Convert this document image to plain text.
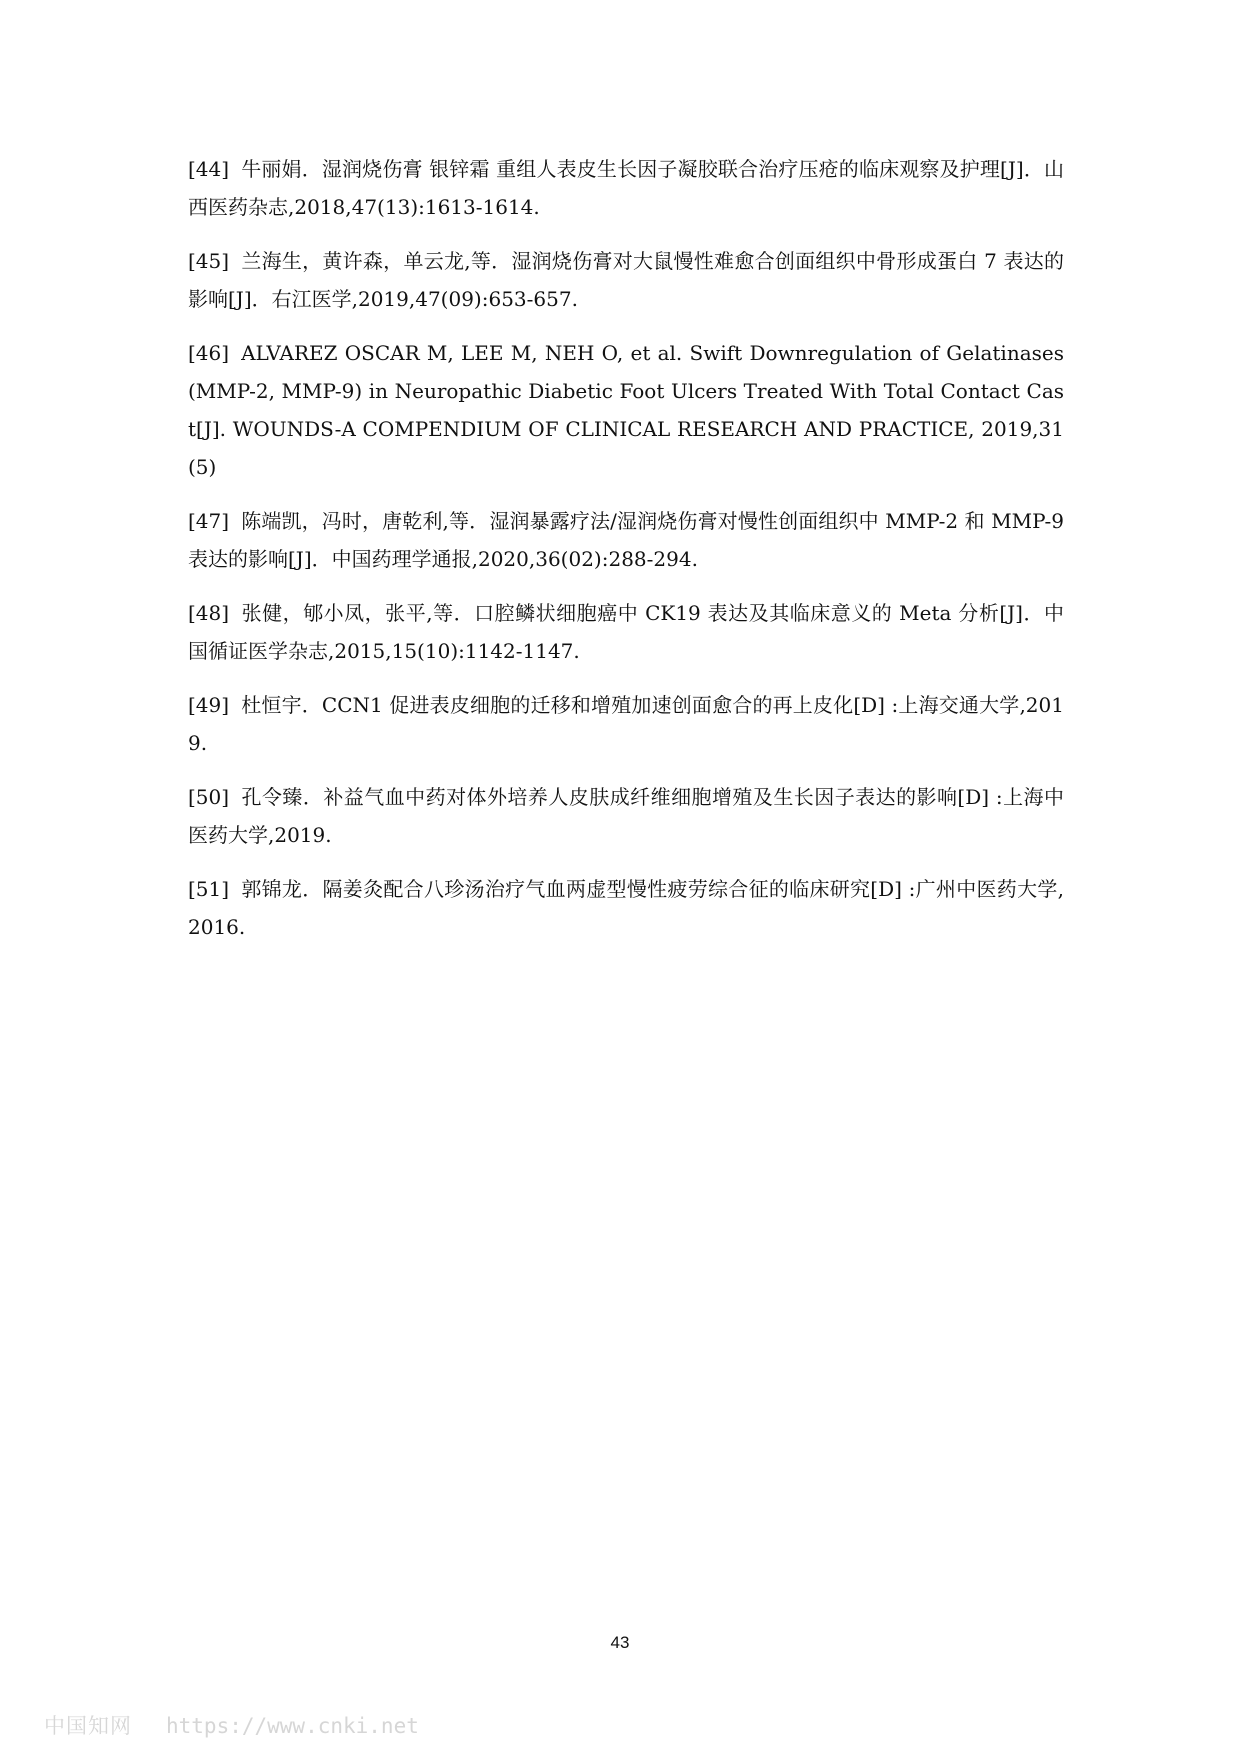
[44] 牛丽娟．湿润烧伤膏 银锌霜 重组人表皮生长因子凝胶联合治疗压疮的临床观察及护理[J]．山西医药杂志,2018,47(13):1613-1614.
[45] 兰海生，黄许森，单云龙,等．湿润烧伤膏对大鼠慢性难愈合创面组织中骨形成蛋白 7 表达的影响[J]．右江医学,2019,47(09):653-657.
[46] ALVAREZ OSCAR M, LEE M, NEH O, et al. Swift Downregulation of Gelatinases (MMP-2, MMP-9) in Neuropathic Diabetic Foot Ulcers Treated With Total Contact Cast[J]. WOUNDS-A COMPENDIUM OF CLINICAL RESEARCH AND PRACTICE, 2019,31(5)
[47] 陈端凯，冯时，唐乾利,等．湿润暴露疗法/湿润烧伤膏对慢性创面组织中 MMP-2 和 MMP-9 表达的影响[J]．中国药理学通报,2020,36(02):288-294.
[48] 张健，郇小凤，张平,等．口腔鳞状细胞癌中 CK19 表达及其临床意义的 Meta 分析[J]．中国循证医学杂志,2015,15(10):1142-1147.
[49] 杜恒宇．CCN1 促进表皮细胞的迁移和增殖加速创面愈合的再上皮化[D] :上海交通大学,2019.
[50] 孔令臻．补益气血中药对体外培养人皮肤成纤维细胞增殖及生长因子表达的影响[D] :上海中医药大学,2019.
[51] 郭锦龙．隔姜灸配合八珍汤治疗气血两虚型慢性疲劳综合征的临床研究[D] :广州中医药大学,2016.
43
中国知网 https://www.cnki.net
